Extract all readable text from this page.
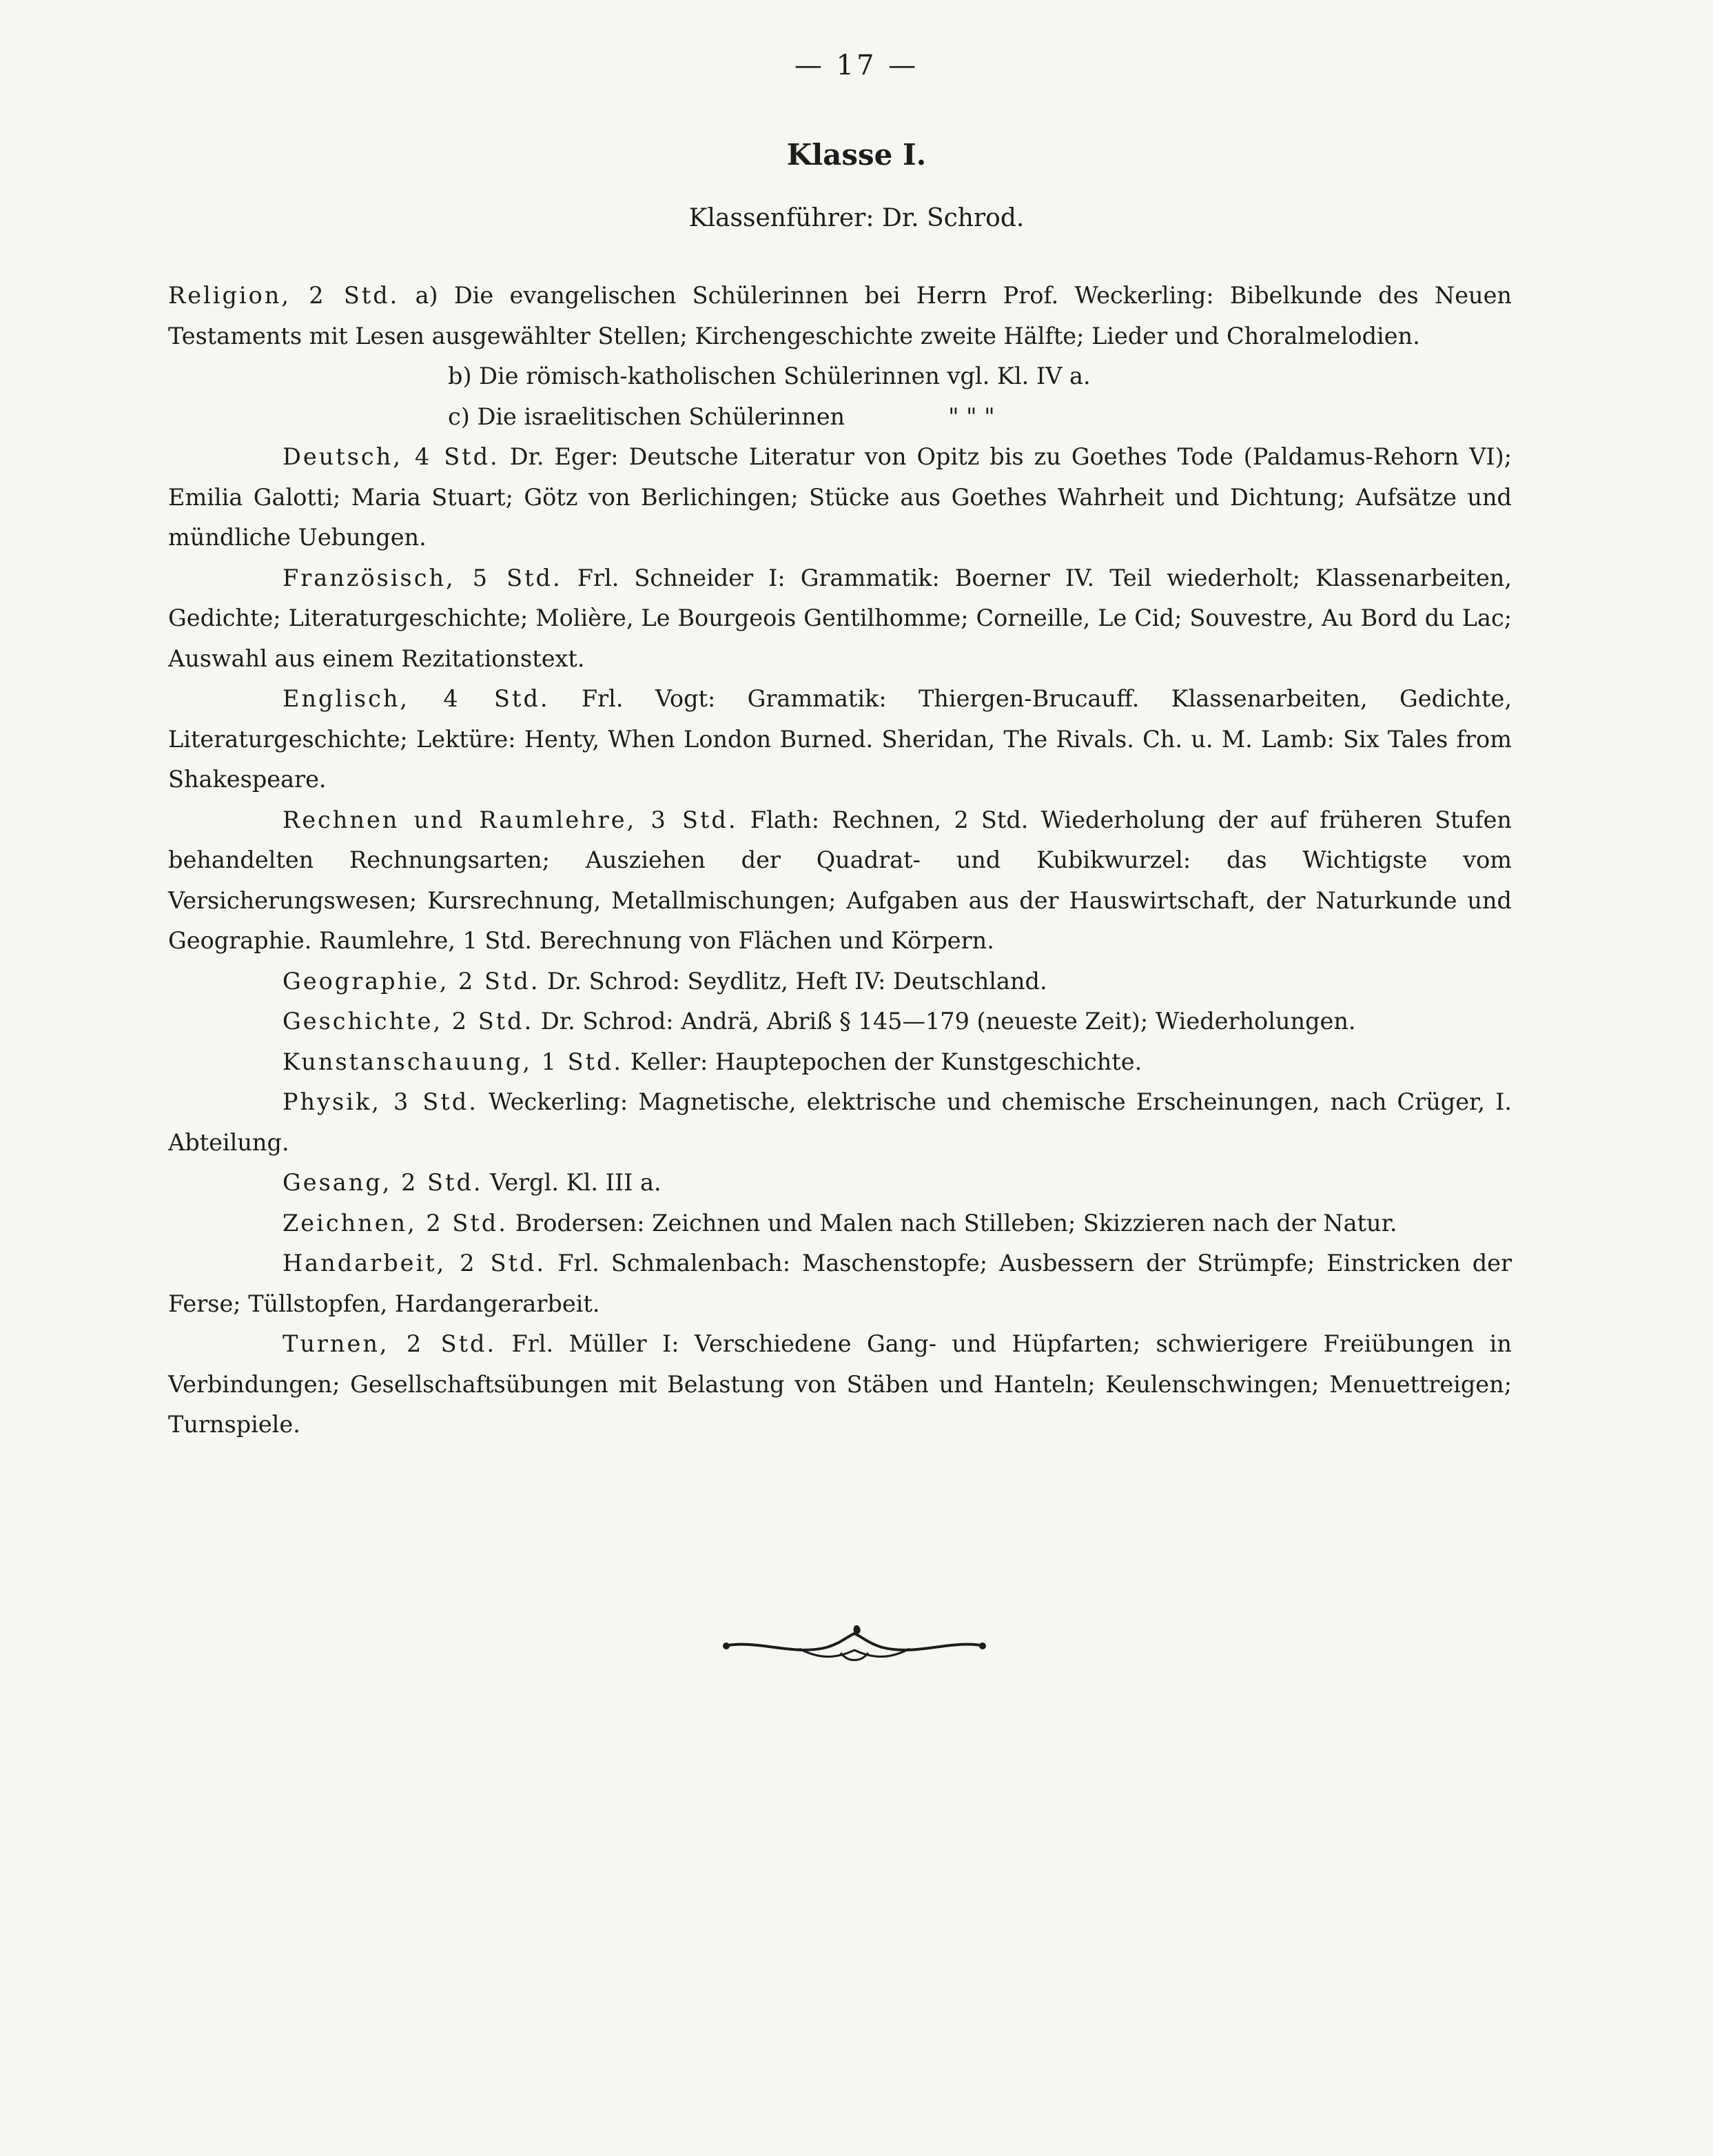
— 17 —
Klasse I.
Klassenführer: Dr. Schrod.

Religion, 2 Std. a) Die evangelischen Schülerinnen bei Herrn Prof. Weckerling: Bibelkunde des Neuen Testaments mit Lesen ausgewählter Stellen; Kirchengeschichte zweite Hälfte; Lieder und Choralmelodien.

b) Die römisch-katholischen Schülerinnen vgl. Kl. IV a.

c) Die israelitischen Schülerinnen	" " "

Deutsch, 4 Std. Dr. Eger: Deutsche Literatur von Opitz bis zu Goethes Tode (Paldamus-Rehorn VI); Emilia Galotti; Maria Stuart; Götz von Berlichingen; Stücke aus Goethes Wahrheit und Dichtung; Aufsätze und mündliche Uebungen.

Französisch, 5 Std. Frl. Schneider I: Grammatik: Boerner IV. Teil wiederholt; Klassenarbeiten, Gedichte; Literaturgeschichte; Molière, Le Bourgeois Gentilhomme; Corneille, Le Cid; Souvestre, Au Bord du Lac; Auswahl aus einem Rezitationstext.

Englisch, 4 Std. Frl. Vogt: Grammatik: Thiergen-Brucauff. Klassenarbeiten, Gedichte, Literaturgeschichte; Lektüre: Henty, When London Burned. Sheridan, The Rivals. Ch. u. M. Lamb: Six Tales from Shakespeare.

Rechnen und Raumlehre, 3 Std. Flath: Rechnen, 2 Std. Wiederholung der auf früheren Stufen behandelten Rechnungsarten; Ausziehen der Quadrat- und Kubikwurzel: das Wichtigste vom Versicherungswesen; Kursrechnung, Metallmischungen; Aufgaben aus der Hauswirtschaft, der Naturkunde und Geographie. Raumlehre, 1 Std. Berechnung von Flächen und Körpern.

Geographie, 2 Std. Dr. Schrod: Seydlitz, Heft IV: Deutschland.

Geschichte, 2 Std. Dr. Schrod: Andrä, Abriß § 145—179 (neueste Zeit); Wiederholungen.

Kunstanschauung, 1 Std. Keller: Hauptepochen der Kunstgeschichte.

Physik, 3 Std. Weckerling: Magnetische, elektrische und chemische Erscheinungen, nach Crüger, I. Abteilung.

Gesang, 2 Std. Vergl. Kl. III a.

Zeichnen, 2 Std. Brodersen: Zeichnen und Malen nach Stilleben; Skizzieren nach der Natur.

Handarbeit, 2 Std. Frl. Schmalenbach: Maschenstopfe; Ausbessern der Strümpfe; Einstricken der Ferse; Tüllstopfen, Hardangerarbeit.

Turnen, 2 Std. Frl. Müller I: Verschiedene Gang- und Hüpfarten; schwierigere Freiübungen in Verbindungen; Gesellschaftsübungen mit Belastung von Stäben und Hanteln; Keulenschwingen; Menuettreigen; Turnspiele.
